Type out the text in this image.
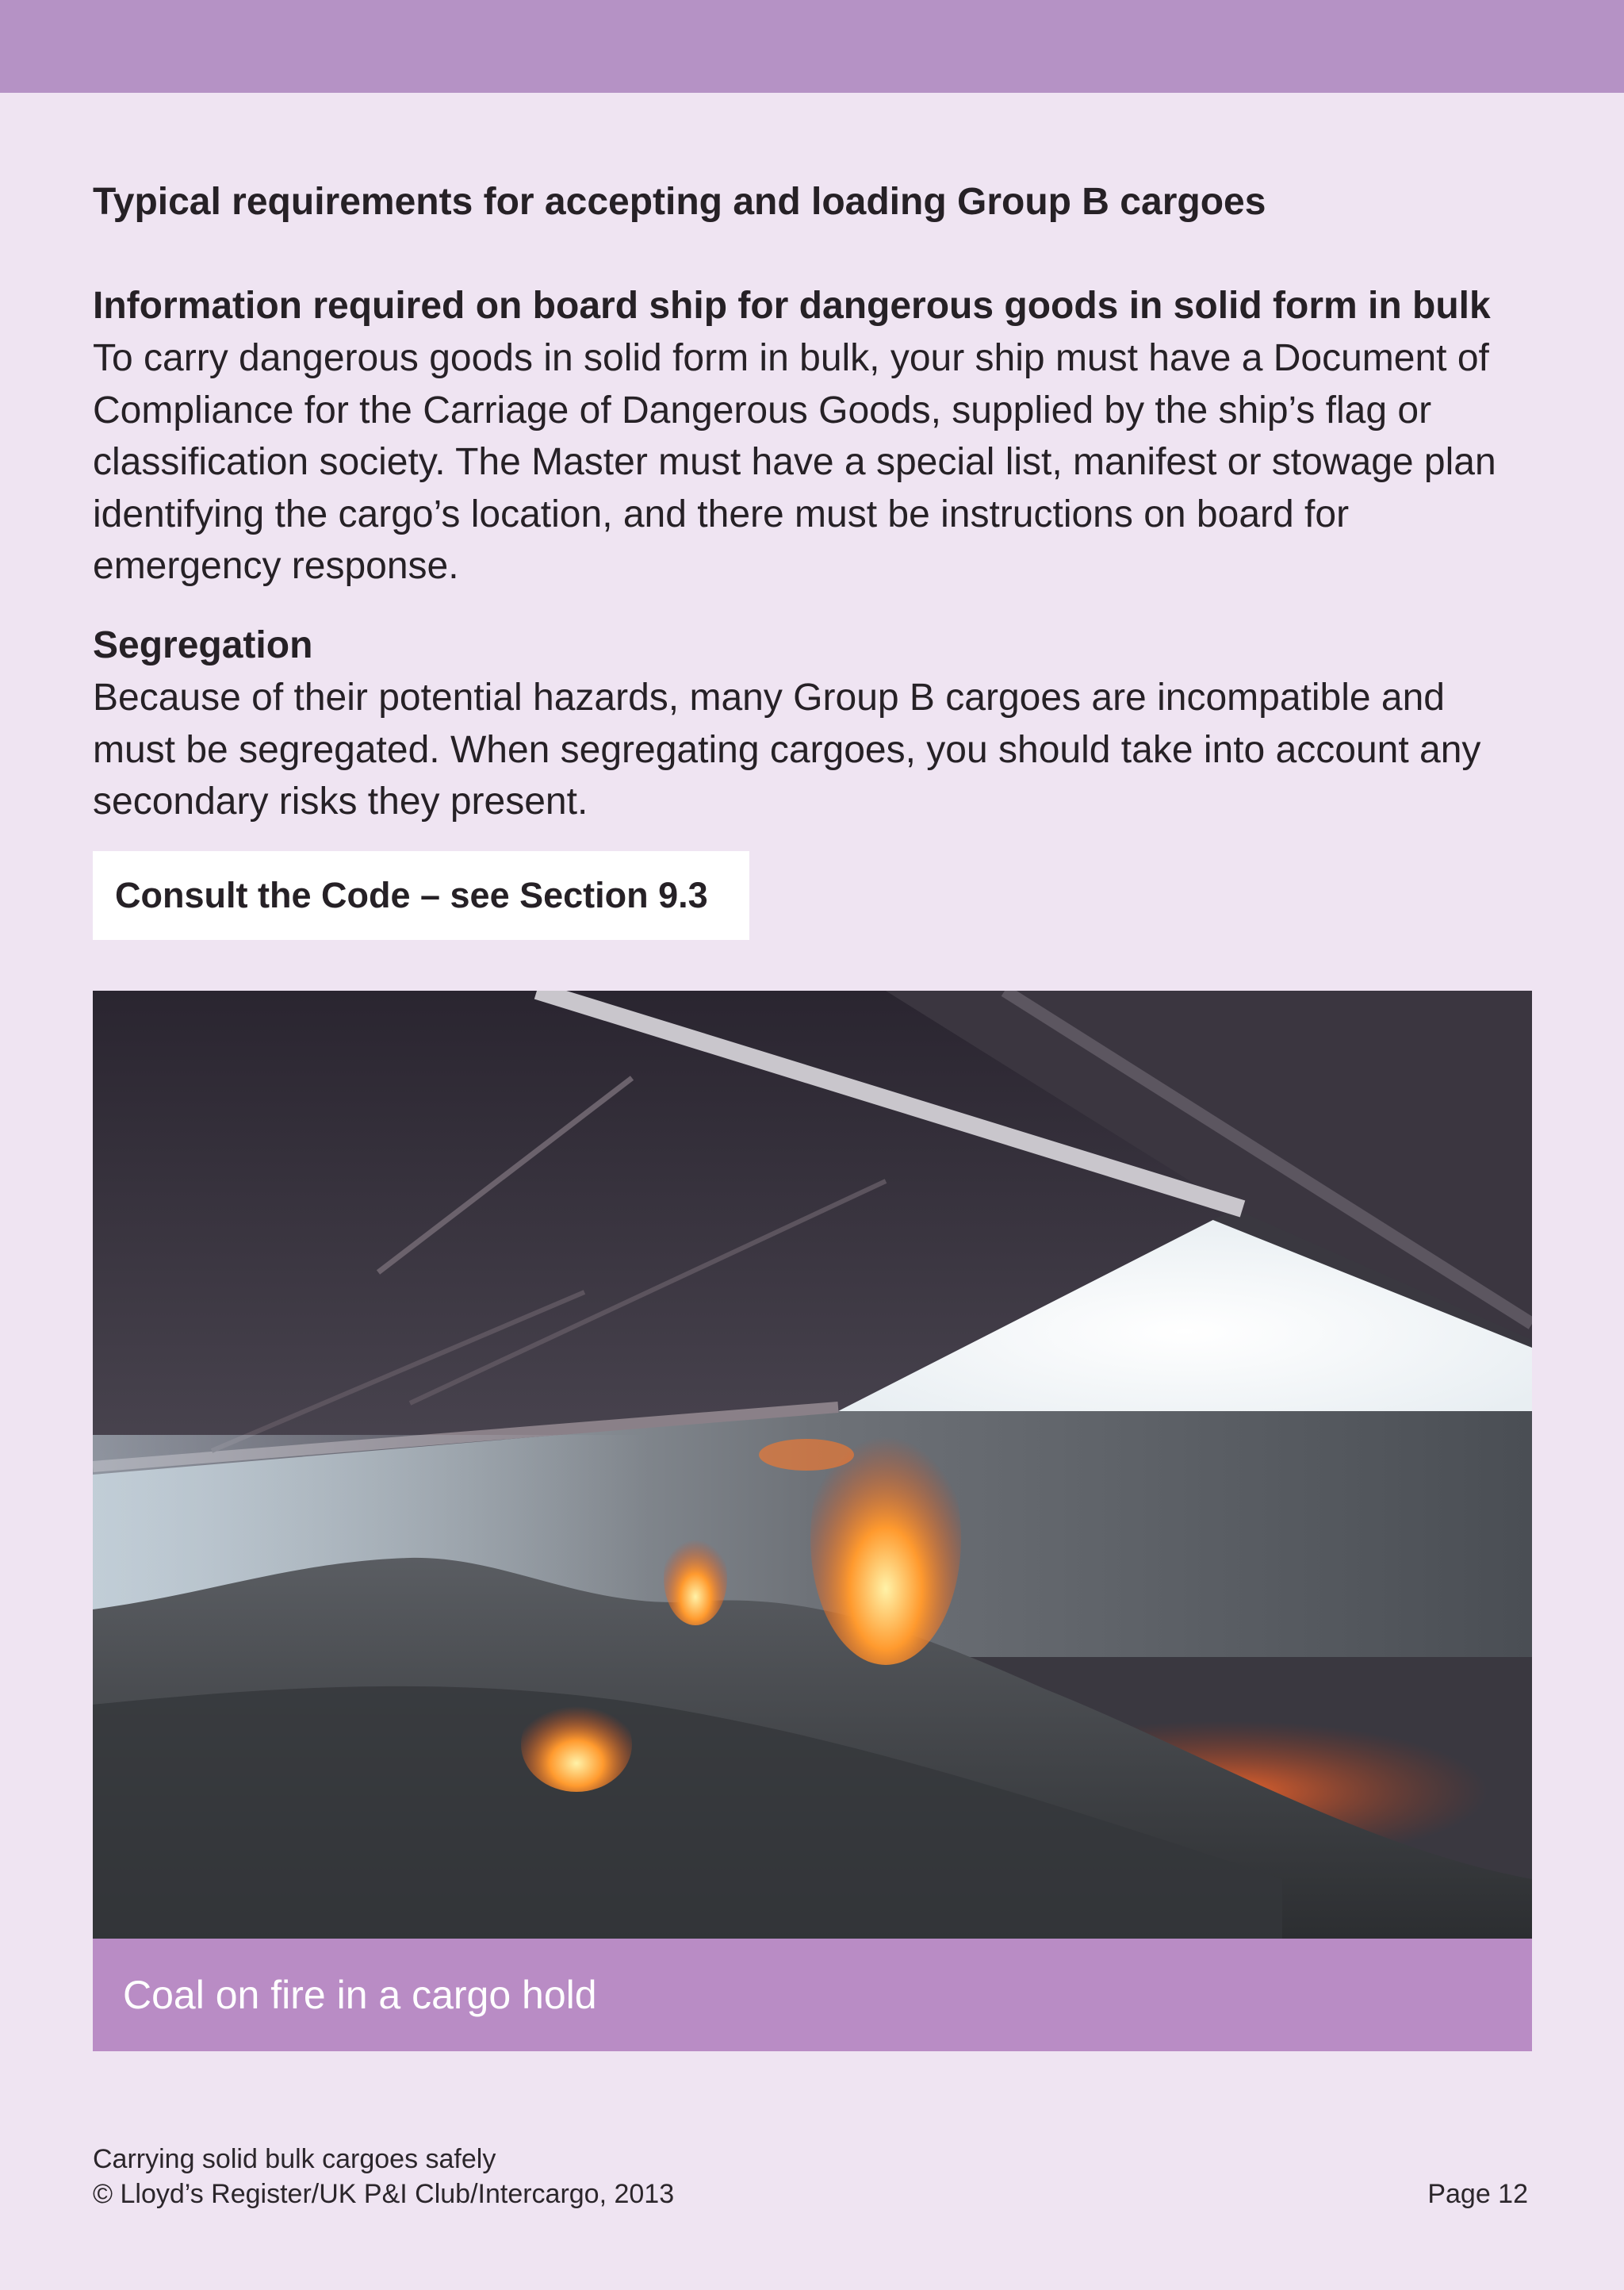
Typical requirements for accepting and loading Group B cargoes
Information required on board ship for dangerous goods in solid form in bulk

To carry dangerous goods in solid form in bulk, your ship must have a Document of Compliance for the Carriage of Dangerous Goods, supplied by the ship’s flag or classification society. The Master must have a special list, manifest or stowage plan identifying the cargo’s location, and there must be instructions on board for emergency response.

Segregation

Because of their potential hazards, many Group B cargoes are incompatible and must be segregated. When segregating cargoes, you should take into account any secondary risks they present.

Consult the Code – see Section 9.3
Coal on fire in a cargo hold
Carrying solid bulk cargoes safely
© Lloyd’s Register/UK P&I Club/Intercargo, 2013	Page 12
